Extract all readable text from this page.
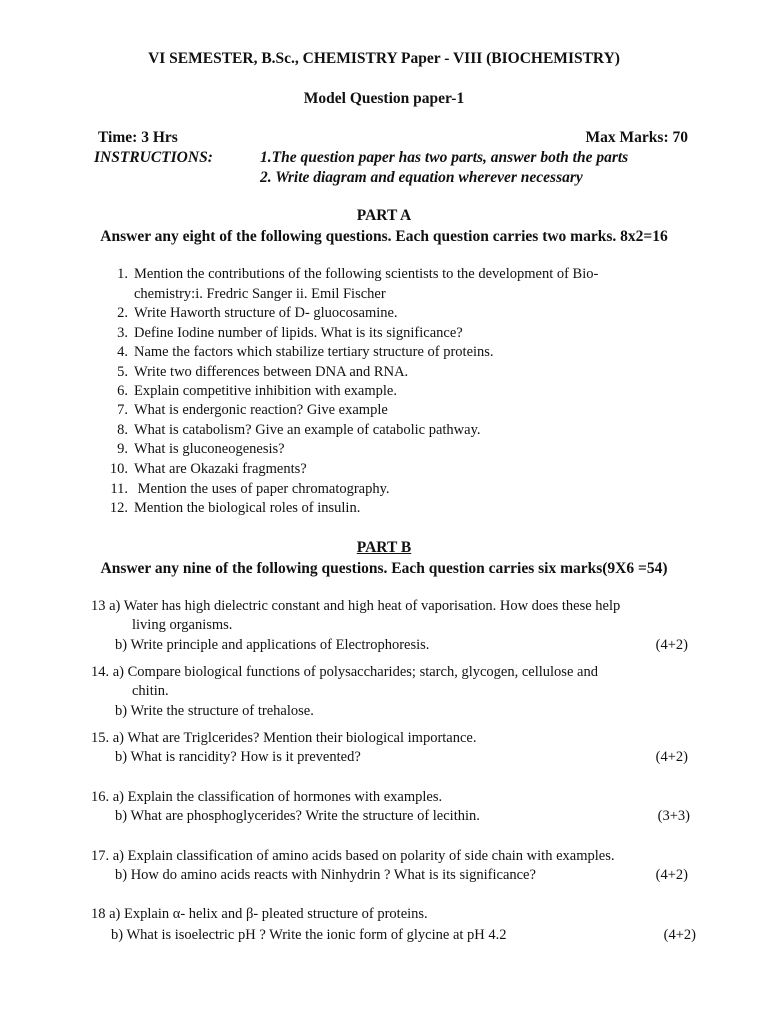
VI SEMESTER, B.Sc., CHEMISTRY Paper - VIII (BIOCHEMISTRY)
Model Question paper-1
Time: 3 Hrs	Max Marks: 70
INSTRUCTIONS:	1.The question paper has two parts, answer both the parts
2. Write diagram and equation wherever necessary
PART A
Answer any eight of the following questions. Each question carries two marks. 8x2=16
1. Mention the contributions of the following scientists to the development of Bio-
chemistry:i. Fredric Sanger ii. Emil Fischer
2. Write Haworth structure of D- gluocosamine.
3. Define Iodine number of lipids. What is its significance?
4. Name the factors which stabilize tertiary structure of proteins.
5. Write two differences between DNA and RNA.
6. Explain competitive inhibition with example.
7. What is endergonic reaction? Give example
8. What is catabolism? Give an example of catabolic pathway.
9. What is gluconeogenesis?
10. What are Okazaki fragments?
11. Mention the uses of paper chromatography.
12. Mention the biological roles of insulin.
PART B
Answer any nine of the following questions. Each question carries six marks(9X6 =54)
13 a) Water has high dielectric constant and high heat of vaporisation. How does these help
living organisms.
b) Write principle and applications of Electrophoresis.	(4+2)
14. a) Compare biological functions of polysaccharides; starch, glycogen, cellulose and
chitin.
b) Write the structure of trehalose.
15. a) What are Triglcerides? Mention their biological importance.
b) What is rancidity? How is it prevented?	(4+2)
16. a) Explain the classification of hormones with examples.
b) What are phosphoglycerides? Write the structure of lecithin.	(3+3)
17. a) Explain classification of amino acids based on polarity of side chain with examples.
b) How do amino acids reacts with Ninhydrin ? What is its significance?	(4+2)
18 a) Explain α- helix and β- pleated structure of proteins.
b) What is isoelectric pH ? Write the ionic form of glycine at pH 4.2	(4+2)
